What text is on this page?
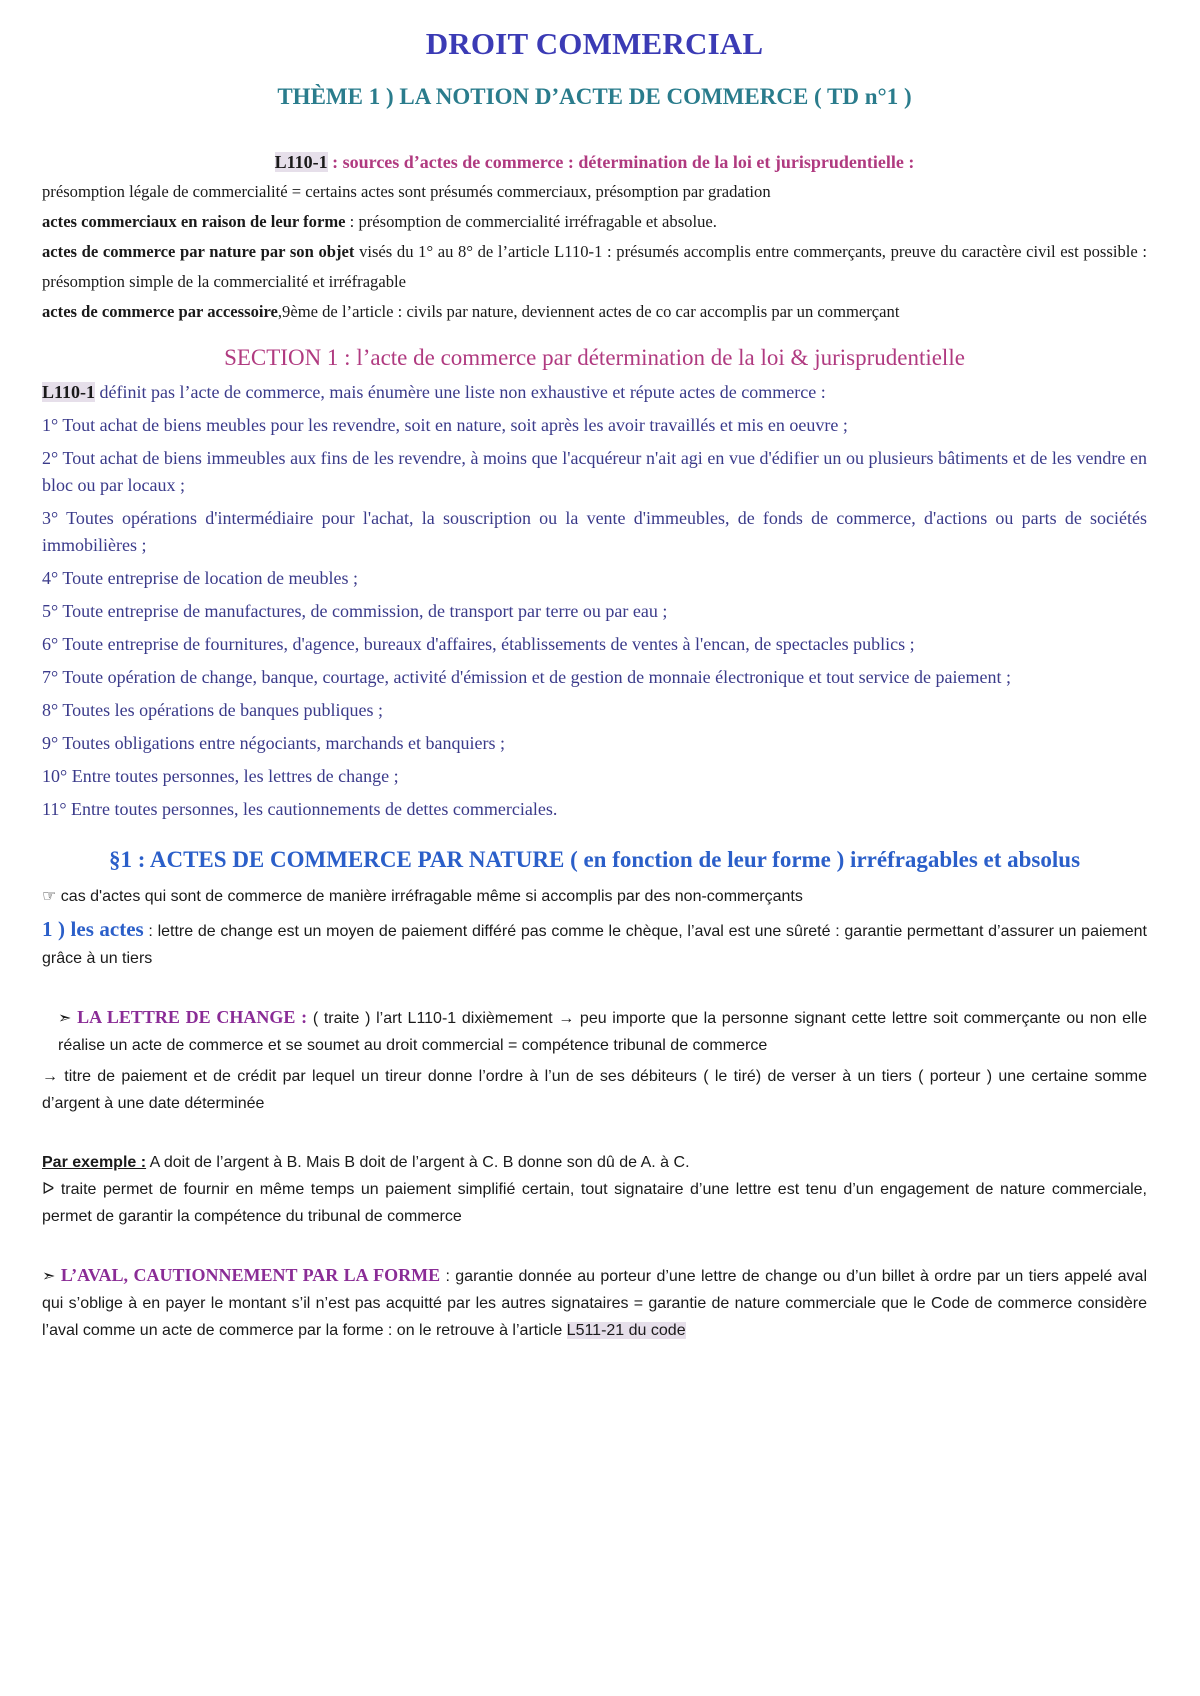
DROIT COMMERCIAL
THÈME 1 ) LA NOTION D’ACTE DE COMMERCE ( TD n°1 )
L110-1 : sources d’actes de commerce : détermination de la loi et jurisprudentielle :
présomption légale de commercialité = certains actes sont présumés commerciaux, présomption par gradation
actes commerciaux en raison de leur forme : présomption de commercialité irréfragable et absolue.
actes de commerce par nature par son objet visés du 1° au 8° de l’article L110-1 : présumés accomplis entre commerçants, preuve du caractère civil est possible : présomption simple de la commercialité et irréfragable
actes de commerce par accessoire,9ème de l’article : civils par nature, deviennent actes de co car accomplis par un commerçant
SECTION 1 : l’acte de commerce par détermination de la loi & jurisprudentielle
L110-1 définit pas l’acte de commerce, mais énumère une liste non exhaustive et répute actes de commerce :
1° Tout achat de biens meubles pour les revendre, soit en nature, soit après les avoir travaillés et mis en oeuvre ;
2° Tout achat de biens immeubles aux fins de les revendre, à moins que l'acquéreur n'ait agi en vue d'édifier un ou plusieurs bâtiments et de les vendre en bloc ou par locaux ;
3° Toutes opérations d'intermédiaire pour l'achat, la souscription ou la vente d'immeubles, de fonds de commerce, d'actions ou parts de sociétés immobilières ;
4° Toute entreprise de location de meubles ;
5° Toute entreprise de manufactures, de commission, de transport par terre ou par eau ;
6° Toute entreprise de fournitures, d'agence, bureaux d'affaires, établissements de ventes à l'encan, de spectacles publics ;
7° Toute opération de change, banque, courtage, activité d'émission et de gestion de monnaie électronique et tout service de paiement ;
8° Toutes les opérations de banques publiques ;
9° Toutes obligations entre négociants, marchands et banquiers ;
10° Entre toutes personnes, les lettres de change ;
11° Entre toutes personnes, les cautionnements de dettes commerciales.
§1 : ACTES DE COMMERCE PAR NATURE ( en fonction de leur forme ) irréfragables et absolus
☞ cas d'actes qui sont de commerce de manière irréfragable même si accomplis par des non-commerçants
1 ) les actes : lettre de change est un moyen de paiement différé pas comme le chèque, l’aval est une sûreté : garantie permettant d’assurer un paiement grâce à un tiers
➣ LA LETTRE DE CHANGE : ( traite ) l’art L110-1 dixièmement → peu importe que la personne signant cette lettre soit commerçante ou non elle réalise un acte de commerce et se soumet au droit commercial = compétence tribunal de commerce
→ titre de paiement et de crédit par lequel un tireur donne l’ordre à l’un de ses débiteurs ( le tiré) de verser à un tiers ( porteur ) une certaine somme d’argent à une date déterminée
Par exemple : A doit de l’argent à B. Mais B doit de l’argent à C. B donne son dû de A. à C.
ᐅ traite permet de fournir en même temps un paiement simplifié certain, tout signataire d’une lettre est tenu d’un engagement de nature commerciale, permet de garantir la compétence du tribunal de commerce
➣ L’AVAL, CAUTIONNEMENT PAR LA FORME : garantie donnée au porteur d’une lettre de change ou d’un billet à ordre par un tiers appelé aval qui s’oblige à en payer le montant s’il n’est pas acquitté par les autres signataires = garantie de nature commerciale que le Code de commerce considère l’aval comme un acte de commerce par la forme : on le retrouve à l’article L511-21 du code
